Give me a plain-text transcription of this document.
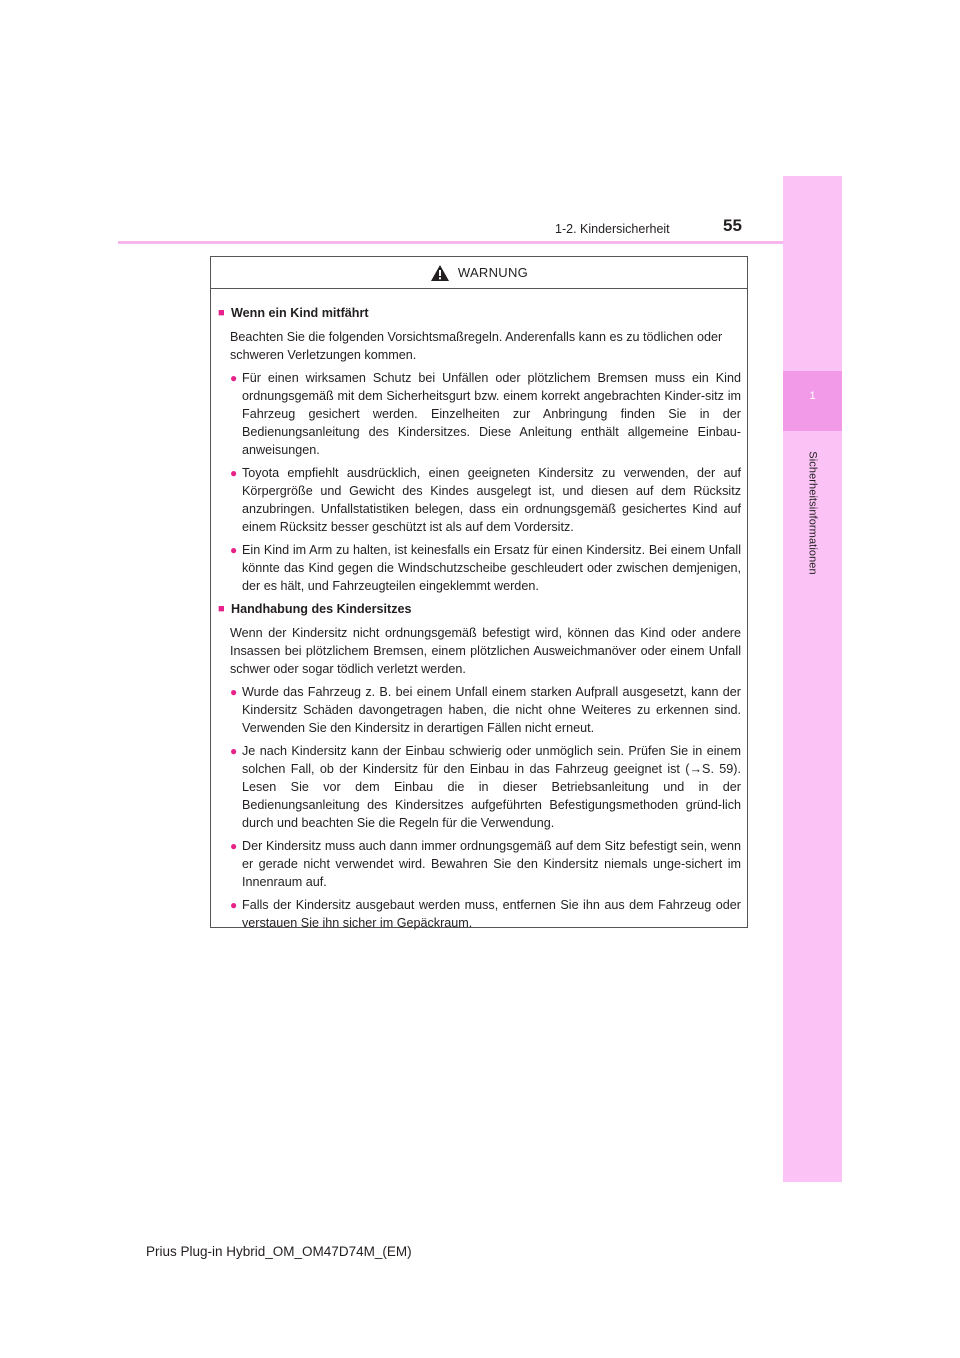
1
Sicherheitsinformationen
1-2. Kindersicherheit	55
WARNUNG
■ Wenn ein Kind mitfährt
Beachten Sie die folgenden Vorsichtsmaßregeln. Anderenfalls kann es zu tödlichen oder schweren Verletzungen kommen.
● Für einen wirksamen Schutz bei Unfällen oder plötzlichem Bremsen muss ein Kind ordnungsgemäß mit dem Sicherheitsgurt bzw. einem korrekt angebrachten Kinder-sitz im Fahrzeug gesichert werden. Einzelheiten zur Anbringung finden Sie in der Bedienungsanleitung des Kindersitzes. Diese Anleitung enthält allgemeine Einbau-anweisungen.
● Toyota empfiehlt ausdrücklich, einen geeigneten Kindersitz zu verwenden, der auf Körpergröße und Gewicht des Kindes ausgelegt ist, und diesen auf dem Rücksitz anzubringen. Unfallstatistiken belegen, dass ein ordnungsgemäß gesichertes Kind auf einem Rücksitz besser geschützt ist als auf dem Vordersitz.
● Ein Kind im Arm zu halten, ist keinesfalls ein Ersatz für einen Kindersitz. Bei einem Unfall könnte das Kind gegen die Windschutzscheibe geschleudert oder zwischen demjenigen, der es hält, und Fahrzeugteilen eingeklemmt werden.
■ Handhabung des Kindersitzes
Wenn der Kindersitz nicht ordnungsgemäß befestigt wird, können das Kind oder andere Insassen bei plötzlichem Bremsen, einem plötzlichen Ausweichmanöver oder einem Unfall schwer oder sogar tödlich verletzt werden.
● Wurde das Fahrzeug z. B. bei einem Unfall einem starken Aufprall ausgesetzt, kann der Kindersitz Schäden davongetragen haben, die nicht ohne Weiteres zu erkennen sind. Verwenden Sie den Kindersitz in derartigen Fällen nicht erneut.
● Je nach Kindersitz kann der Einbau schwierig oder unmöglich sein. Prüfen Sie in einem solchen Fall, ob der Kindersitz für den Einbau in das Fahrzeug geeignet ist (→S. 59). Lesen Sie vor dem Einbau die in dieser Betriebsanleitung und in der Bedienungsanleitung des Kindersitzes aufgeführten Befestigungsmethoden gründ-lich durch und beachten Sie die Regeln für die Verwendung.
● Der Kindersitz muss auch dann immer ordnungsgemäß auf dem Sitz befestigt sein, wenn er gerade nicht verwendet wird. Bewahren Sie den Kindersitz niemals unge-sichert im Innenraum auf.
● Falls der Kindersitz ausgebaut werden muss, entfernen Sie ihn aus dem Fahrzeug oder verstauen Sie ihn sicher im Gepäckraum.
Prius Plug-in Hybrid_OM_OM47D74M_(EM)
